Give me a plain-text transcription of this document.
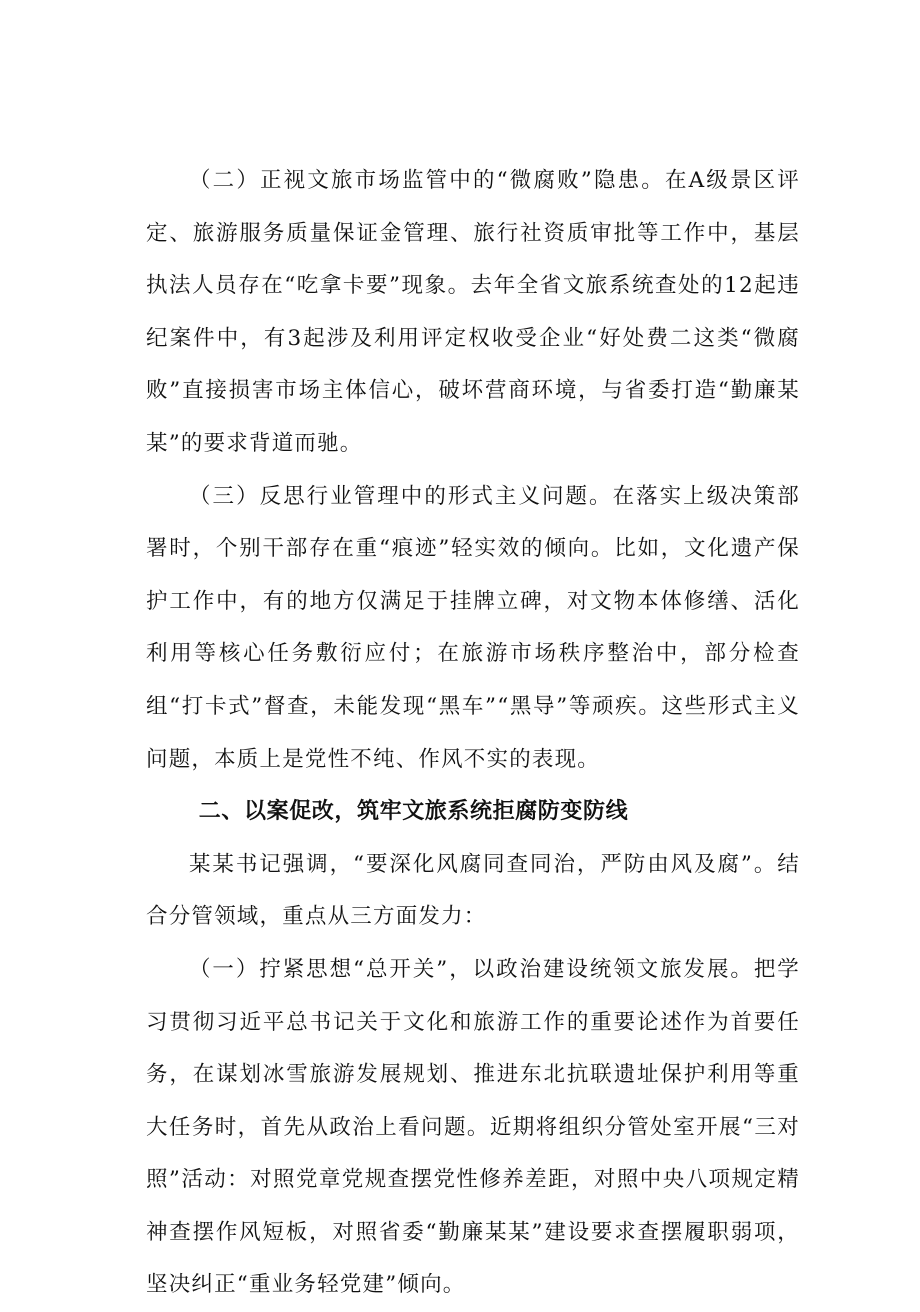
（二）正视文旅市场监管中的“微腐败”隐患。在A级景区评定、旅游服务质量保证金管理、旅行社资质审批等工作中，基层执法人员存在“吃拿卡要”现象。去年全省文旅系统查处的12起违纪案件中，有3起涉及利用评定权收受企业“好处费二这类“微腐败”直接损害市场主体信心，破坏营商环境，与省委打造“勤廉某某”的要求背道而驰。

（三）反思行业管理中的形式主义问题。在落实上级决策部署时，个别干部存在重“痕迹”轻实效的倾向。比如，文化遗产保护工作中，有的地方仅满足于挂牌立碑，对文物本体修缮、活化利用等核心任务敷衍应付；在旅游市场秩序整治中，部分检查组“打卡式”督查，未能发现“黑车”“黑导”等顽疾。这些形式主义问题，本质上是党性不纯、作风不实的表现。

二、以案促改，筑牢文旅系统拒腐防变防线

某某书记强调，“要深化风腐同查同治，严防由风及腐”。结合分管领域，重点从三方面发力：

（一）拧紧思想“总开关”，以政治建设统领文旅发展。把学习贯彻习近平总书记关于文化和旅游工作的重要论述作为首要任务，在谋划冰雪旅游发展规划、推进东北抗联遗址保护利用等重大任务时，首先从政治上看问题。近期将组织分管处室开展“三对照”活动：对照党章党规查摆党性修养差距，对照中央八项规定精神查摆作风短板，对照省委“勤廉某某”建设要求查摆履职弱项，坚决纠正“重业务轻党建”倾向。
